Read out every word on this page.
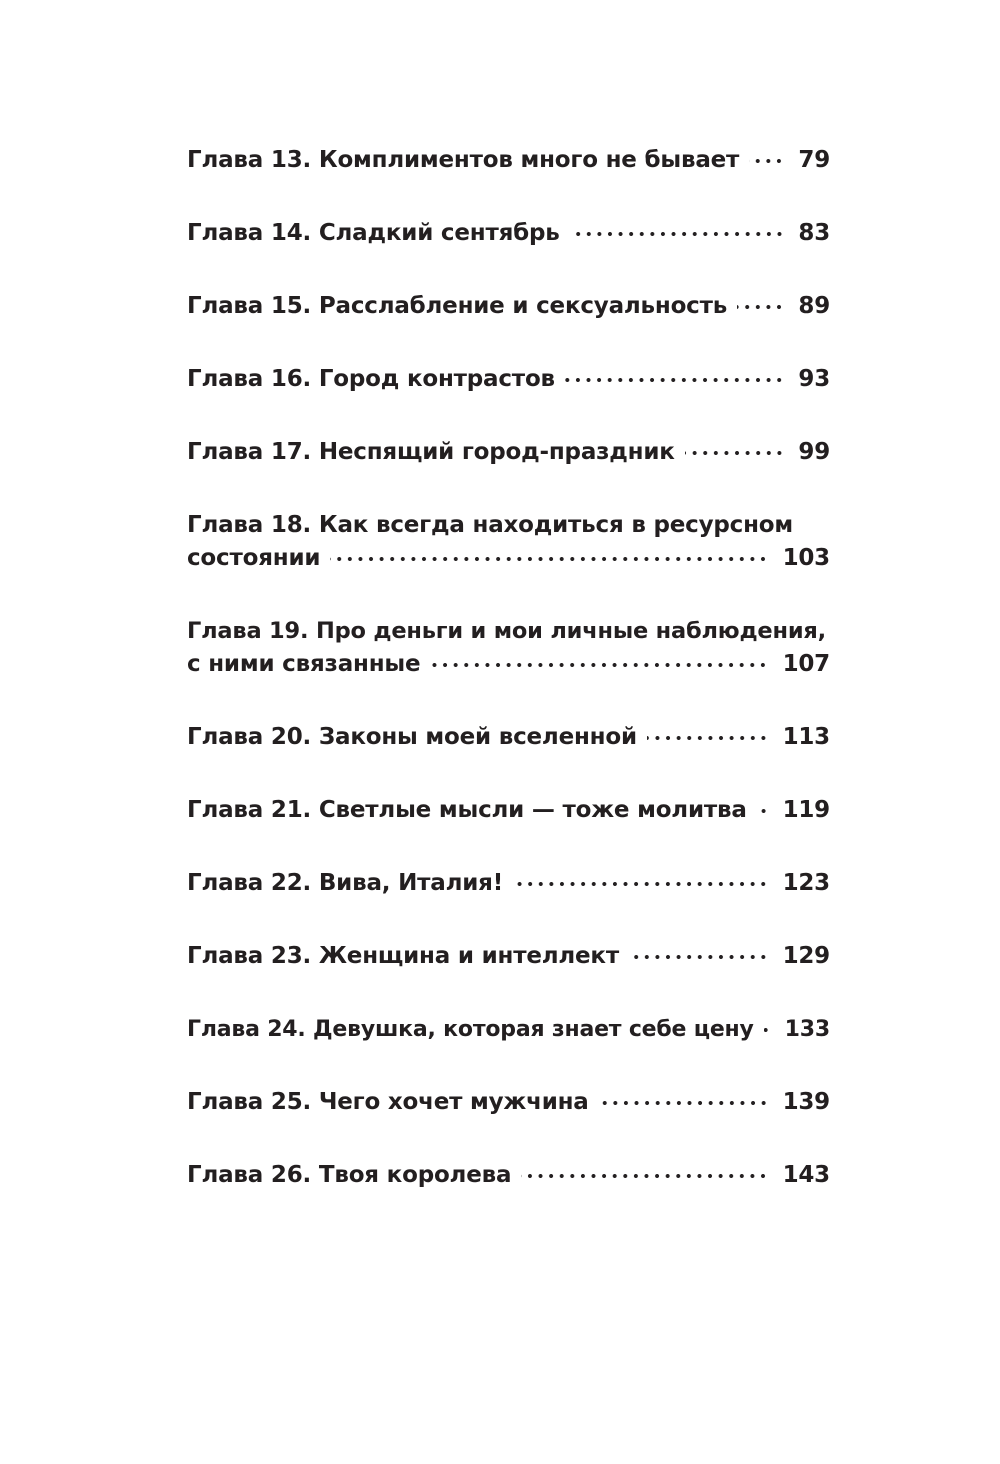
Глава 13. Комплиментов много не бывает	79
Глава 14. Сладкий сентябрь	83
Глава 15. Расслабление и сексуальность	89
Глава 16. Город контрастов	93
Глава 17. Неспящий город-праздник	99
Глава 18. Как всегда находиться в ресурсном
состоянии	103
Глава 19. Про деньги и мои личные наблюдения,
с ними связанные	107
Глава 20. Законы моей вселенной	113
Глава 21. Светлые мысли — тоже молитва 119
Глава 22. Вива, Италия!	123
Глава 23. Женщина и интеллект	129
Глава 24. Девушка, которая знает себе цену 133
Глава 25. Чего хочет мужчина	139
Глава 26. Твоя королева	143
